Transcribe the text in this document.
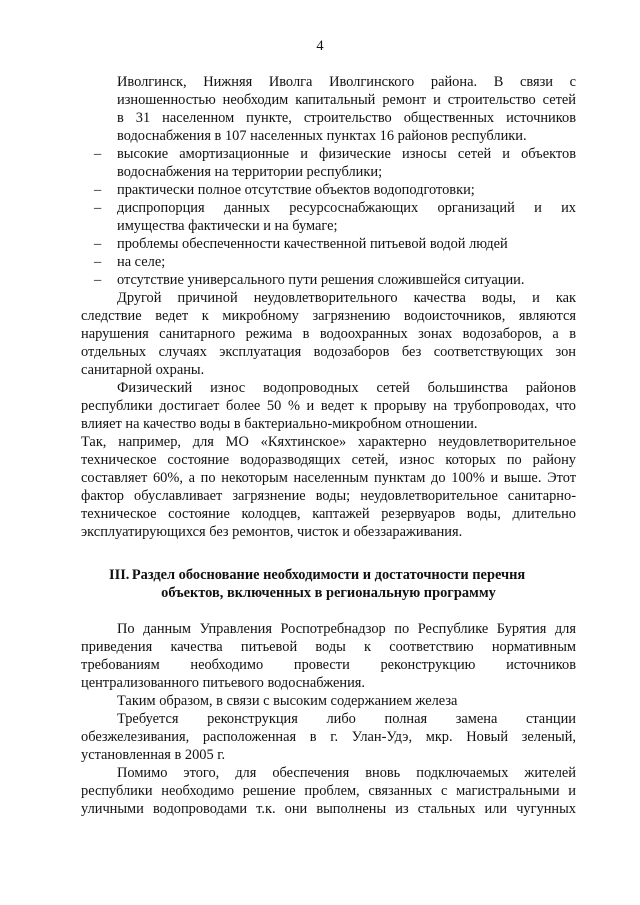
4
Иволгинск, Нижняя Иволга Иволгинского района. В связи с
изношенностью необходим капитальный ремонт и строительство сетей
в 31 населенном пункте, строительство общественных источников
водоснабжения в 107 населенных пунктах 16 районов республики.
– высокие амортизационные и физические износы сетей и объектов
водоснабжения на территории республики;
– практически полное отсутствие объектов водоподготовки;
– диспропорция данных ресурсоснабжающих организаций и их
имущества фактически и на бумаге;
– проблемы обеспеченности качественной питьевой водой людей
– на селе;
– отсутствие универсального пути решения сложившейся ситуации.
Другой причиной неудовлетворительного качества воды, и как
следствие ведет к микробному загрязнению водоисточников, являются
нарушения санитарного режима в водоохранных зонах водозаборов, а в
отдельных случаях эксплуатация водозаборов без соответствующих зон
санитарной охраны.
Физический износ водопроводных сетей большинства районов
республики достигает более 50 % и ведет к прорыву на трубопроводах, что
влияет на качество воды в бактериально-микробном отношении.
Так, например, для МО «Кяхтинское» характерно неудовлетворительное
техническое состояние водоразводящих сетей, износ которых по району
составляет 60%, а по некоторым населенным пунктам до 100% и выше. Этот
фактор обуславливает загрязнение воды; неудовлетворительное санитарно-
техническое состояние колодцев, каптажей резервуаров воды, длительно
эксплуатирующихся без ремонтов, чисток и обеззараживания.
III. Раздел обоснование необходимости и достаточности перечня
объектов, включенных в региональную программу
По данным Управления Роспотребнадзор по Республике Бурятия для
приведения качества питьевой воды к соответствию нормативным
требованиям необходимо провести реконструкцию источников
централизованного питьевого водоснабжения.
Таким образом, в связи с высоким содержанием железа
Требуется реконструкция либо полная замена станции
обезжелезивания, расположенная в г. Улан-Удэ, мкр. Новый зеленый,
установленная в 2005 г.
Помимо этого, для обеспечения вновь подключаемых жителей
республики необходимо решение проблем, связанных с магистральными и
уличными водопроводами т.к. они выполнены из стальных или чугунных
